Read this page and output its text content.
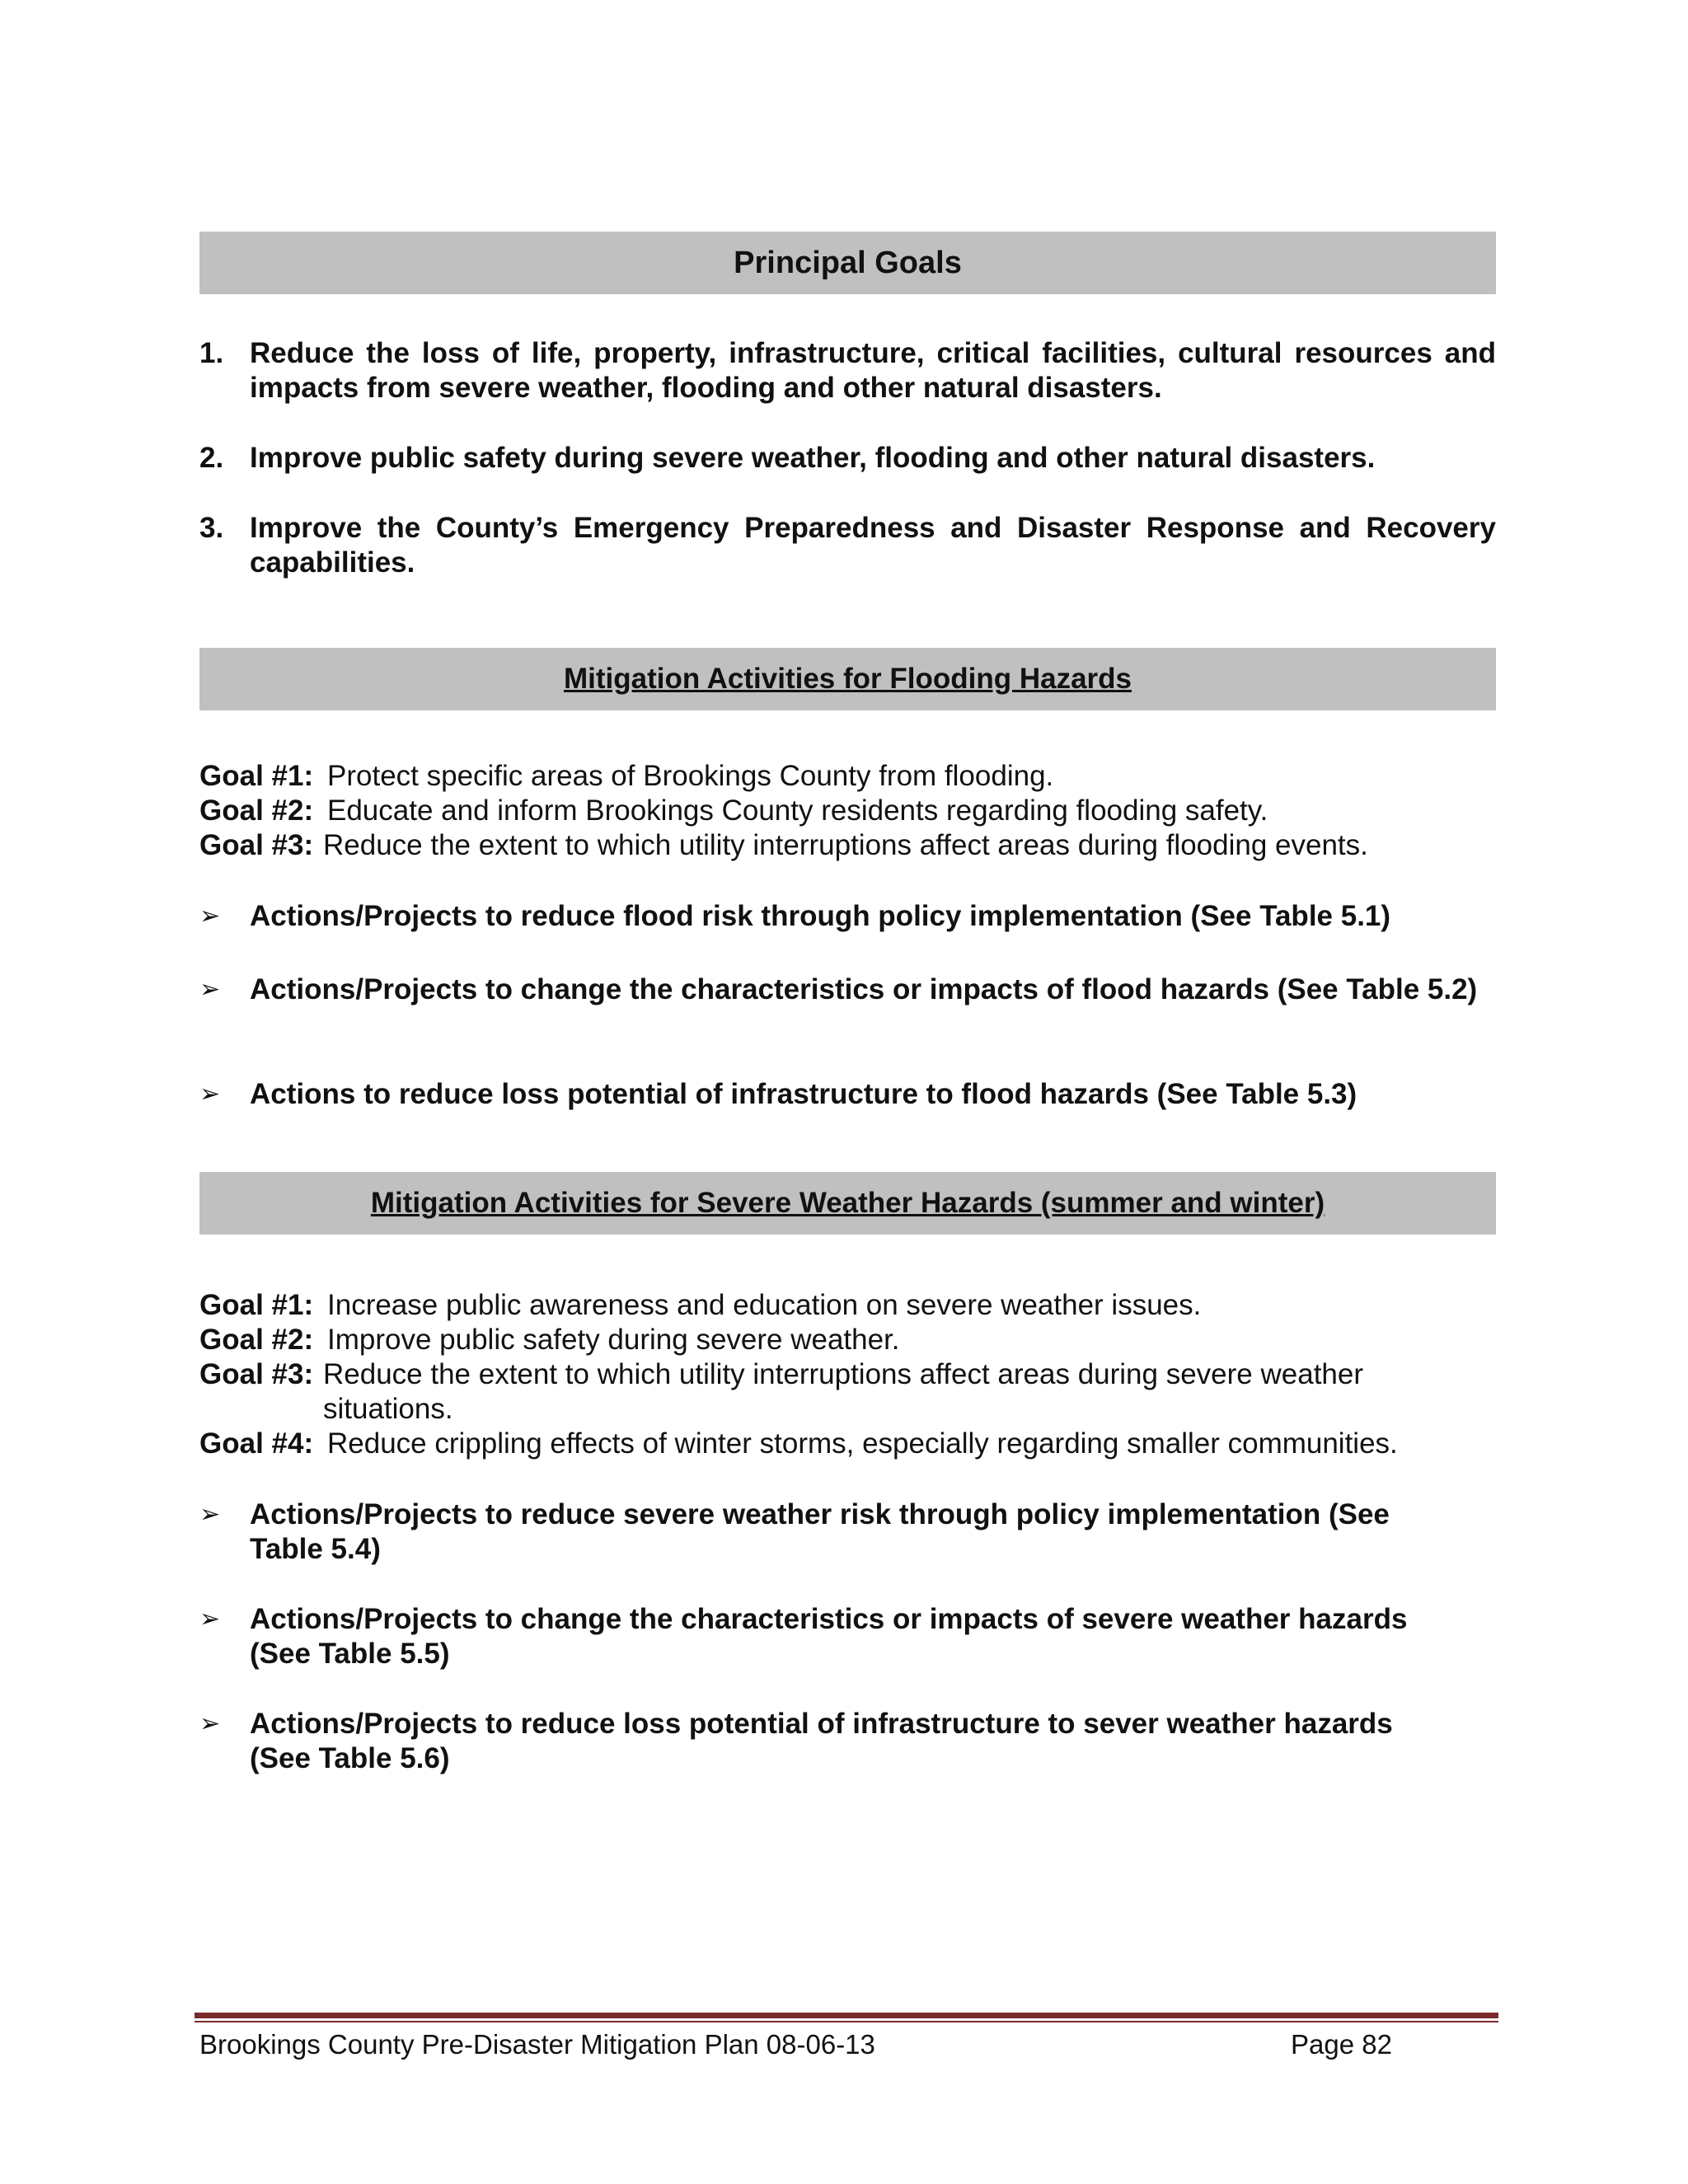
Principal Goals
1. Reduce the loss of life, property, infrastructure, critical facilities, cultural resources and impacts from severe weather, flooding and other natural disasters.
2. Improve public safety during severe weather, flooding and other natural disasters.
3. Improve the County’s Emergency Preparedness and Disaster Response and Recovery capabilities.
Mitigation Activities for Flooding Hazards
Goal #1: Protect specific areas of Brookings County from flooding.
Goal #2: Educate and inform Brookings County residents regarding flooding safety.
Goal #3: Reduce the extent to which utility interruptions affect areas during flooding events.
➢ Actions/Projects to reduce flood risk through policy implementation (See Table 5.1)
➢ Actions/Projects to change the characteristics or impacts of flood hazards (See Table 5.2)
➢ Actions to reduce loss potential of infrastructure to flood hazards (See Table 5.3)
Mitigation Activities for Severe Weather Hazards (summer and winter)
Goal #1: Increase public awareness and education on severe weather issues.
Goal #2: Improve public safety during severe weather.
Goal #3: Reduce the extent to which utility interruptions affect areas during severe weather situations.
Goal #4: Reduce crippling effects of winter storms, especially regarding smaller communities.
➢ Actions/Projects to reduce severe weather risk through policy implementation (See Table 5.4)
➢ Actions/Projects to change the characteristics or impacts of severe weather hazards (See Table 5.5)
➢ Actions/Projects to reduce loss potential of infrastructure to sever weather hazards (See Table 5.6)
Brookings County Pre-Disaster Mitigation Plan 08-06-13	Page 82
